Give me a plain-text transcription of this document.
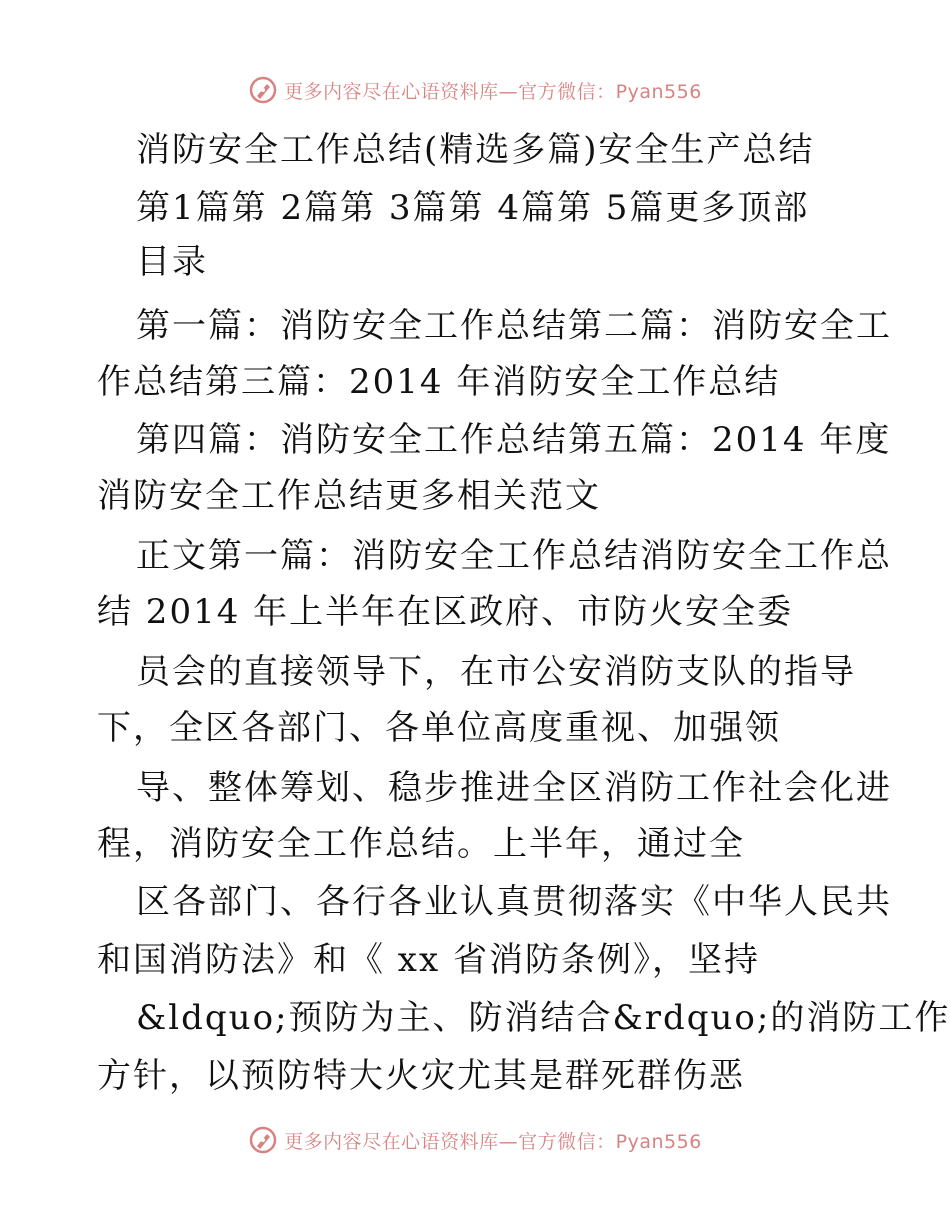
更多内容尽在心语资料库—官方微信：Pyan556
消防安全工作总结(精选多篇)安全生产总结
第1篇第 2篇第 3篇第 4篇第 5篇更多顶部
目录
第一篇：消防安全工作总结第二篇：消防安全工
作总结第三篇：2014 年消防安全工作总结
第四篇：消防安全工作总结第五篇：2014 年度
消防安全工作总结更多相关范文
正文第一篇：消防安全工作总结消防安全工作总
结 2014 年上半年在区政府、市防火安全委
员会的直接领导下，在市公安消防支队的指导
下，全区各部门、各单位高度重视、加强领
导、整体筹划、稳步推进全区消防工作社会化进
程，消防安全工作总结。上半年，通过全
区各部门、各行各业认真贯彻落实《中华人民共
和国消防法》和《 xx 省消防条例》，坚持
&ldquo;预防为主、防消结合&rdquo;的消防工作
方针，以预防特大火灾尤其是群死群伤恶
更多内容尽在心语资料库—官方微信：Pyan556
